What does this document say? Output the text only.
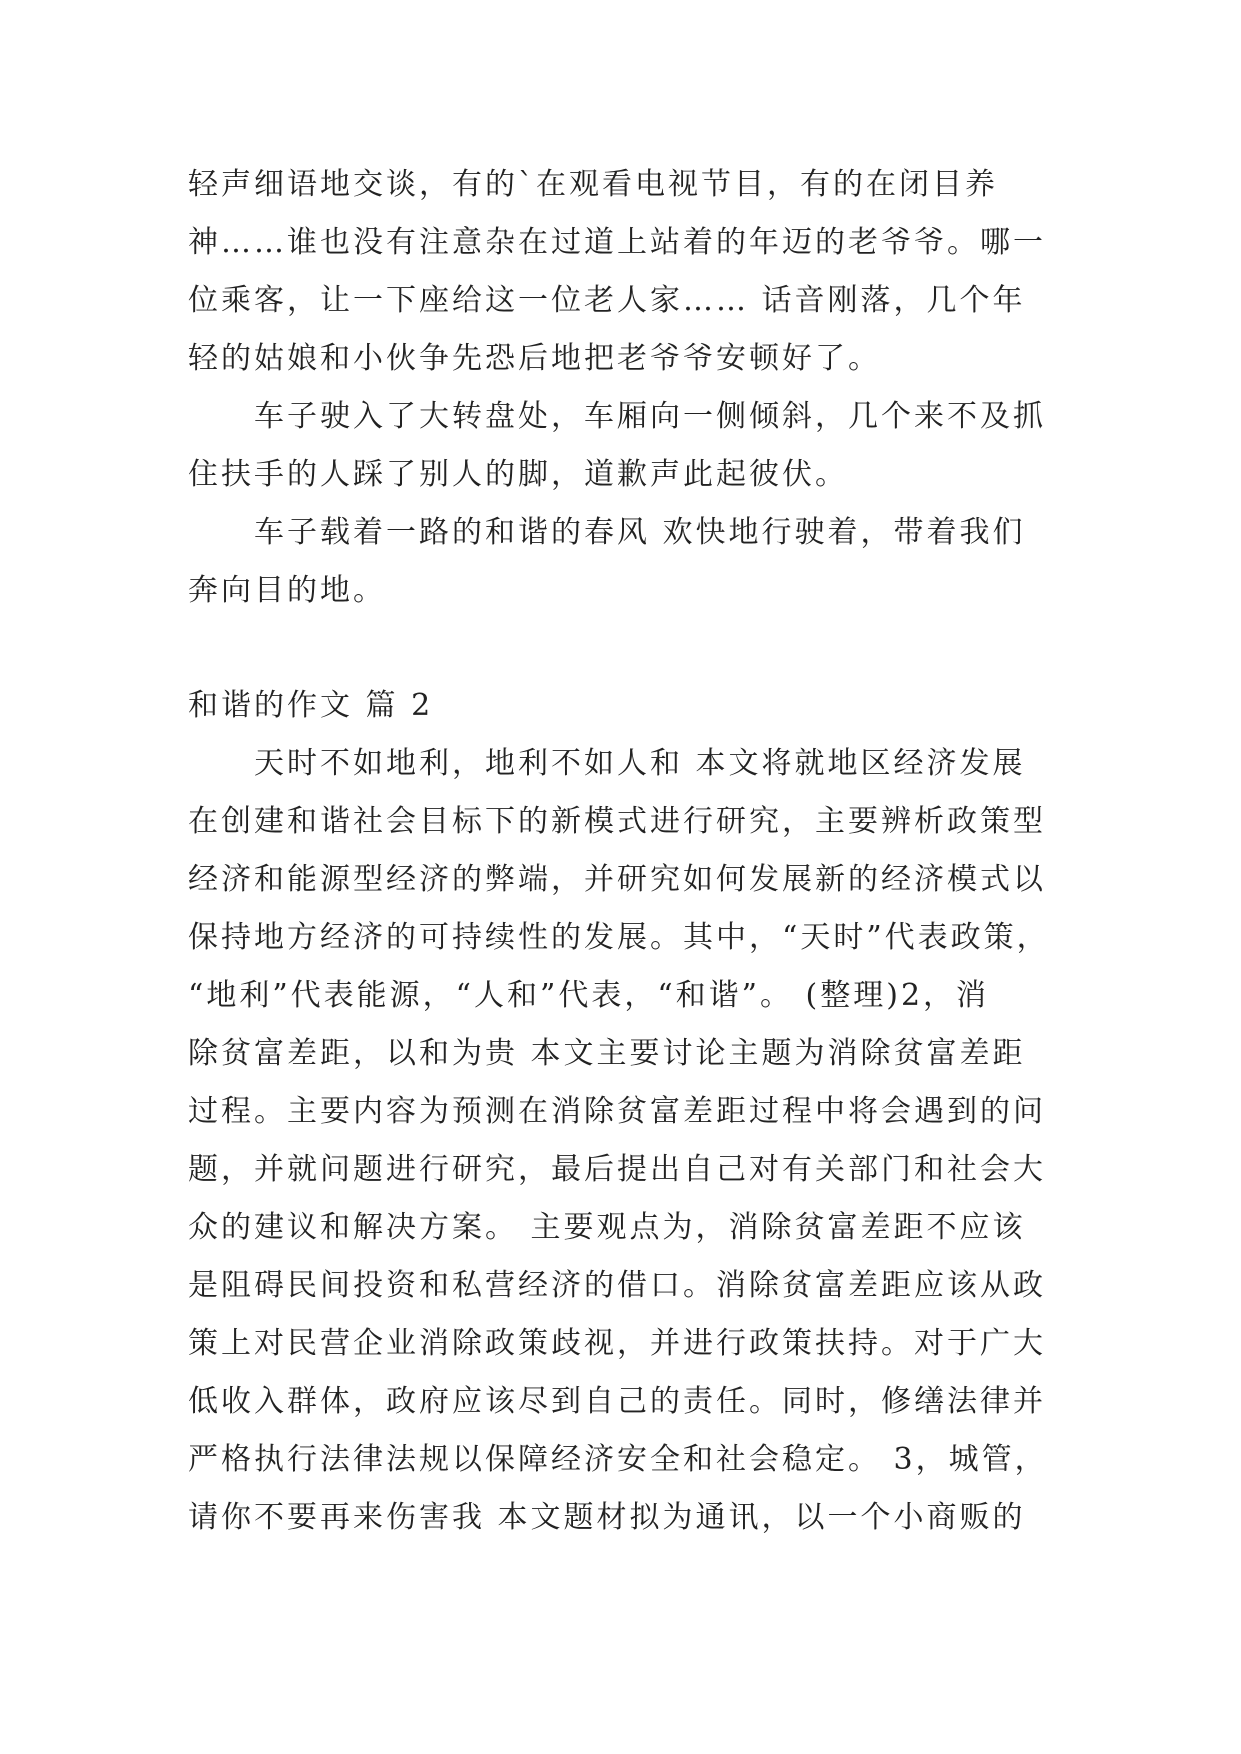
轻声细语地交谈，有的`在观看电视节目，有的在闭目养
神……谁也没有注意杂在过道上站着的年迈的老爷爷。哪一
位乘客，让一下座给这一位老人家…… 话音刚落，几个年
轻的姑娘和小伙争先恐后地把老爷爷安顿好了。
　　车子驶入了大转盘处，车厢向一侧倾斜，几个来不及抓
住扶手的人踩了别人的脚，道歉声此起彼伏。
　　车子载着一路的和谐的春风 欢快地行驶着，带着我们
奔向目的地。
和谐的作文 篇 2
　　天时不如地利，地利不如人和 本文将就地区经济发展
在创建和谐社会目标下的新模式进行研究，主要辨析政策型
经济和能源型经济的弊端，并研究如何发展新的经济模式以
保持地方经济的可持续性的发展。其中，“天时”代表政策，
“地利”代表能源，“人和”代表，“和谐”。 (整理)2，消
除贫富差距，以和为贵 本文主要讨论主题为消除贫富差距
过程。主要内容为预测在消除贫富差距过程中将会遇到的问
题，并就问题进行研究，最后提出自己对有关部门和社会大
众的建议和解决方案。 主要观点为，消除贫富差距不应该
是阻碍民间投资和私营经济的借口。消除贫富差距应该从政
策上对民营企业消除政策歧视，并进行政策扶持。对于广大
低收入群体，政府应该尽到自己的责任。同时，修缮法律并
严格执行法律法规以保障经济安全和社会稳定。 3，城管，
请你不要再来伤害我 本文题材拟为通讯，以一个小商贩的
